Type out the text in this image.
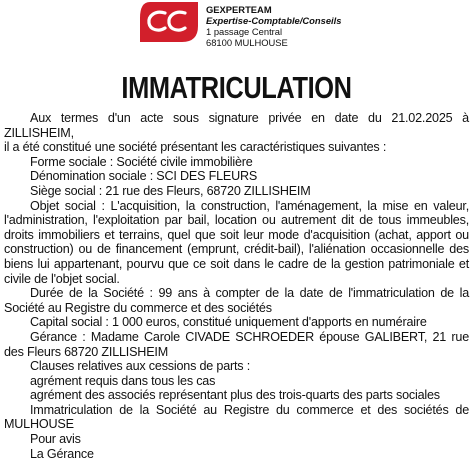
GEXPERTEAM
Expertise-Comptable/Conseils
1 passage Central
68100 MULHOUSE
IMMATRICULATION

Aux termes d'un acte sous signature privée en date du 21.02.2025 à ZILLISHEIM,

il a été constitué une société présentant les caractéristiques suivantes :

Forme sociale : Société civile immobilière

Dénomination sociale : SCI DES FLEURS

Siège social : 21 rue des Fleurs, 68720 ZILLISHEIM

Objet social : L'acquisition, la construction, l'aménagement, la mise en valeur, l'administration, l'exploitation par bail, location ou autrement dit de tous immeubles, droits immobiliers et terrains, quel que soit leur mode d'acquisition (achat, apport ou construction) ou de financement (emprunt, crédit-bail), l'aliénation occasionnelle des biens lui appartenant, pourvu que ce soit dans le cadre de la gestion patrimoniale et civile de l'objet social.

Durée de la Société : 99 ans à compter de la date de l'immatriculation de la Société au Registre du commerce et des sociétés

Capital social : 1 000 euros, constitué uniquement d'apports en numéraire

Gérance : Madame Carole CIVADE SCHROEDER épouse GALIBERT, 21 rue des Fleurs 68720 ZILLISHEIM

Clauses relatives aux cessions de parts :

agrément requis dans tous les cas

agrément des associés représentant plus des trois-quarts des parts sociales

Immatriculation de la Société au Registre du commerce et des sociétés de MULHOUSE

Pour avis

La Gérance
